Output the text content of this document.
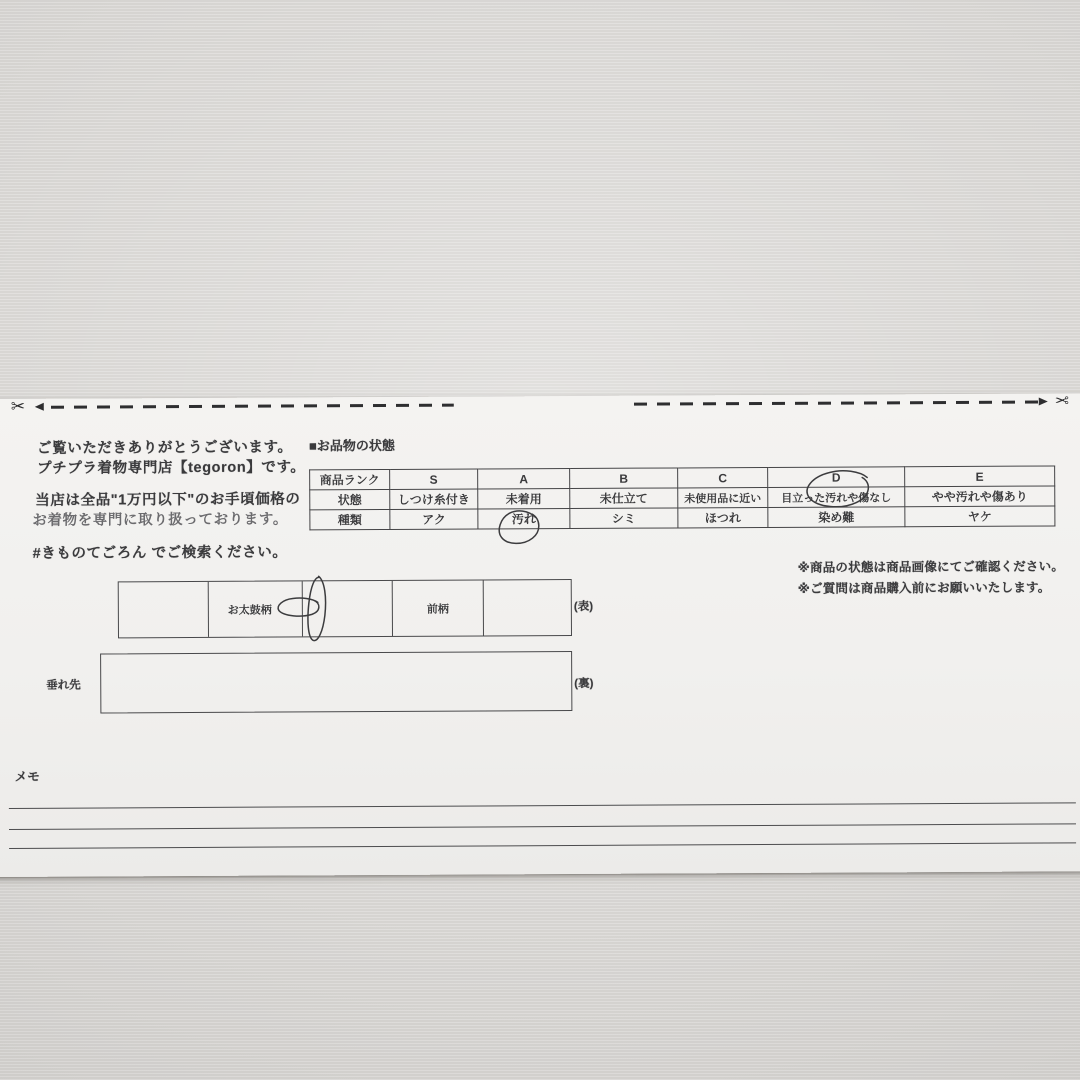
✂	✂
ご覧いただきありがとうございます。
プチプラ着物専門店【tegoron】です。
当店は全品"1万円以下"のお手頃価格の
お着物を専門に取り扱っております。
#きものてごろん でご検索ください。
■お品物の状態
商品ランク	S	A	B	C	D	E
状態	しつけ糸付き	未着用	未仕立て	未使用品に近い	目立った汚れや傷なし	やや汚れや傷あり
種類	アク	汚れ	シミ	ほつれ	染め難	ヤケ
※商品の状態は商品画像にてご確認ください。
※ご質問は商品購入前にお願いいたします。
お太鼓柄	前柄	(表)
垂れ先	(裏)
メモ
